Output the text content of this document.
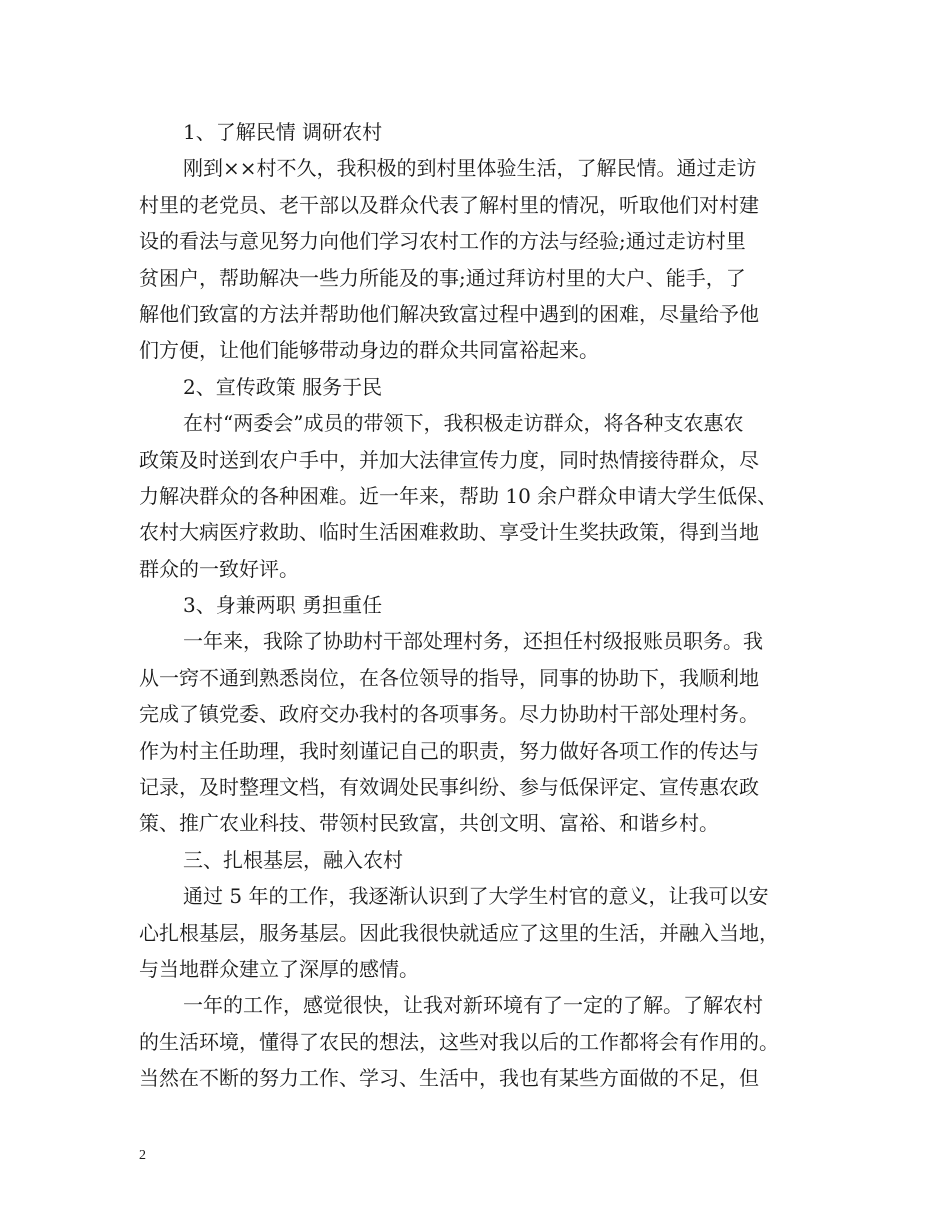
1、了解民情 调研农村
刚到××村不久，我积极的到村里体验生活，了解民情。通过走访
村里的老党员、老干部以及群众代表了解村里的情况，听取他们对村建
设的看法与意见努力向他们学习农村工作的方法与经验;通过走访村里
贫困户，帮助解决一些力所能及的事;通过拜访村里的大户、能手，了
解他们致富的方法并帮助他们解决致富过程中遇到的困难，尽量给予他
们方便，让他们能够带动身边的群众共同富裕起来。
2、宣传政策 服务于民
在村“两委会”成员的带领下，我积极走访群众，将各种支农惠农
政策及时送到农户手中，并加大法律宣传力度，同时热情接待群众，尽
力解决群众的各种困难。近一年来，帮助 10 余户群众申请大学生低保、
农村大病医疗救助、临时生活困难救助、享受计生奖扶政策，得到当地
群众的一致好评。
3、身兼两职 勇担重任
一年来，我除了协助村干部处理村务，还担任村级报账员职务。我
从一窍不通到熟悉岗位，在各位领导的指导，同事的协助下，我顺利地
完成了镇党委、政府交办我村的各项事务。尽力协助村干部处理村务。
作为村主任助理，我时刻谨记自己的职责，努力做好各项工作的传达与
记录，及时整理文档，有效调处民事纠纷、参与低保评定、宣传惠农政
策、推广农业科技、带领村民致富，共创文明、富裕、和谐乡村。
三、扎根基层，融入农村
通过 5 年的工作，我逐渐认识到了大学生村官的意义，让我可以安
心扎根基层，服务基层。因此我很快就适应了这里的生活，并融入当地，
与当地群众建立了深厚的感情。
一年的工作，感觉很快，让我对新环境有了一定的了解。了解农村
的生活环境，懂得了农民的想法，这些对我以后的工作都将会有作用的。
当然在不断的努力工作、学习、生活中，我也有某些方面做的不足，但
2
